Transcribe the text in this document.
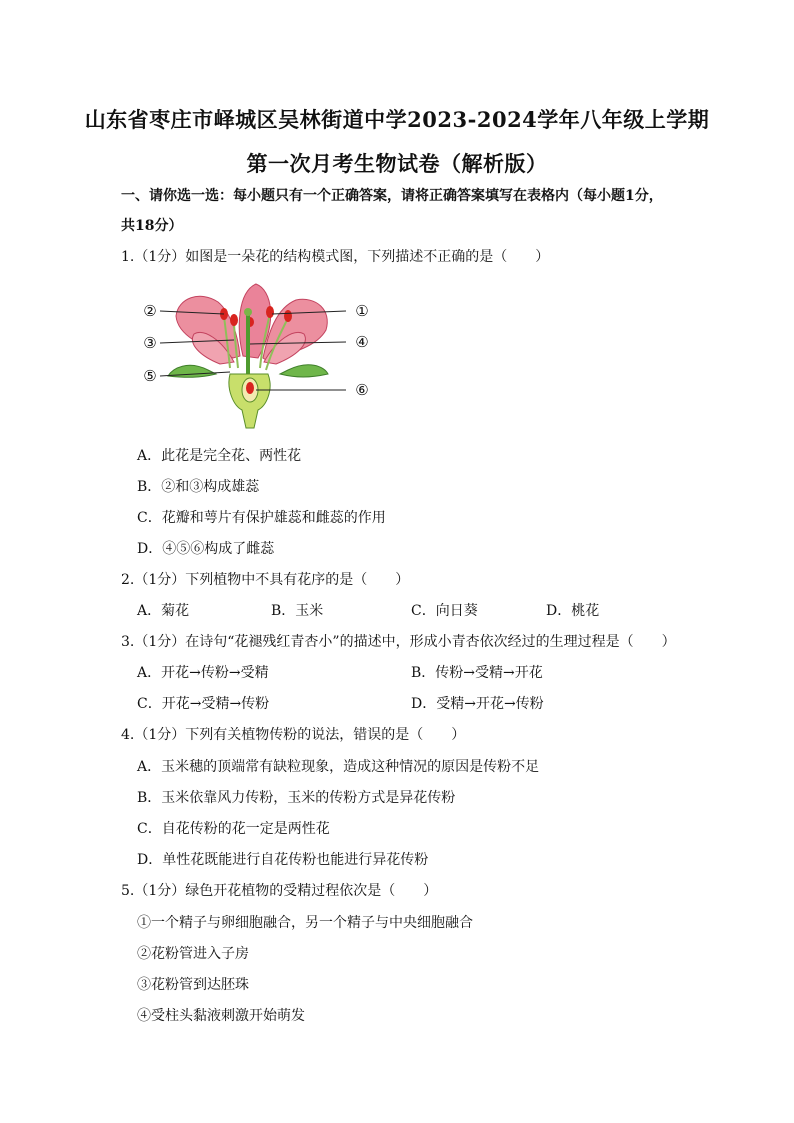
山东省枣庄市峄城区吴林街道中学2023-2024学年八年级上学期
第一次月考生物试卷（解析版）
一、请你选一选：每小题只有一个正确答案，请将正确答案填写在表格内（每小题1分，
共18分）
1.（1分）如图是一朵花的结构模式图，下列描述不正确的是（　　）
②
③
⑤
①
④
⑥
A．此花是完全花、两性花
B．②和③构成雄蕊
C．花瓣和萼片有保护雄蕊和雌蕊的作用
D．④⑤⑥构成了雌蕊
2.（1分）下列植物中不具有花序的是（　　）
A．菊花	B．玉米	C．向日葵	D．桃花
3.（1分）在诗句“花褪残红青杏小”的描述中，形成小青杏依次经过的生理过程是（　　）
A．开花→传粉→受精	B．传粉→受精→开花
C．开花→受精→传粉	D．受精→开花→传粉
4.（1分）下列有关植物传粉的说法，错误的是（　　）
A．玉米穗的顶端常有缺粒现象，造成这种情况的原因是传粉不足
B．玉米依靠风力传粉，玉米的传粉方式是异花传粉
C．自花传粉的花一定是两性花
D．单性花既能进行自花传粉也能进行异花传粉
5.（1分）绿色开花植物的受精过程依次是（　　）
①一个精子与卵细胞融合，另一个精子与中央细胞融合
②花粉管进入子房
③花粉管到达胚珠
④受柱头黏液刺激开始萌发
